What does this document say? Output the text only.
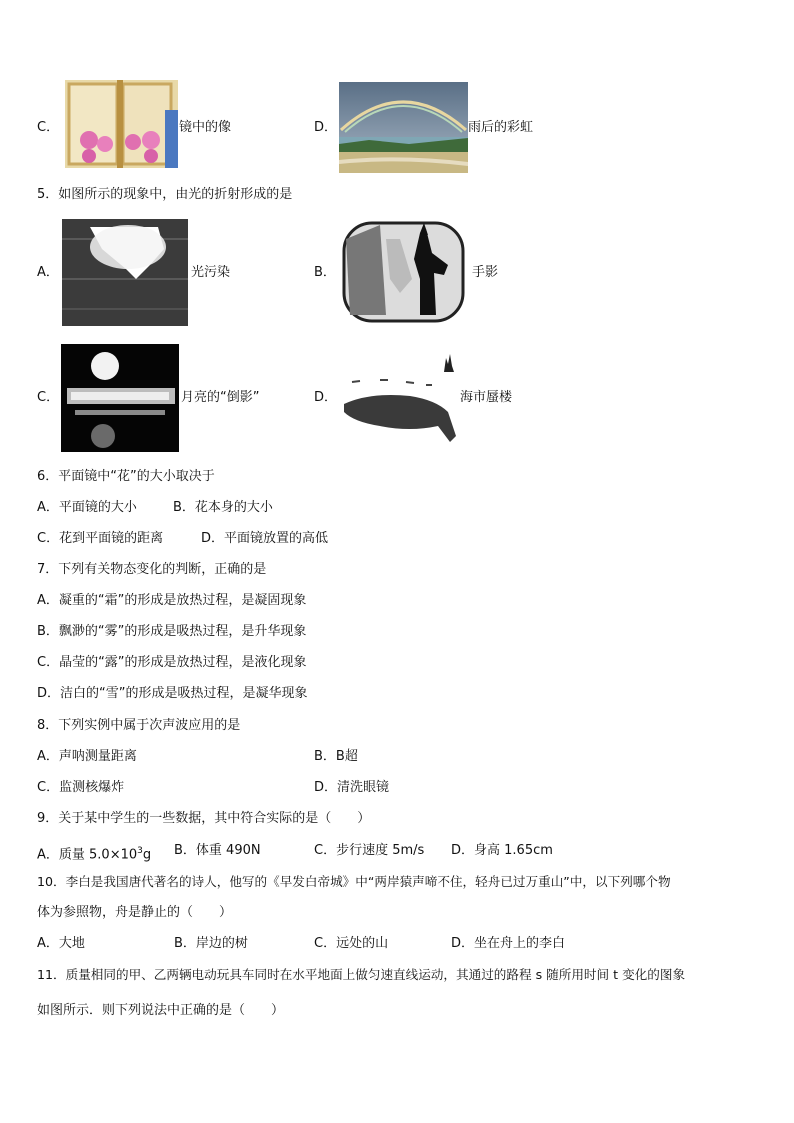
C．	镜中的像	D．	雨后的彩虹
5．如图所示的现象中，由光的折射形成的是
A．	光污染	B．	手影
C．	月亮的“倒影”	D．	海市蜃楼
6．平面镜中“花”的大小取决于
A．平面镜的大小	B．花本身的大小
C．花到平面镜的距离	D．平面镜放置的高低
7．下列有关物态变化的判断，正确的是
A．凝重的“霜”的形成是放热过程，是凝固现象
B．飘渺的“雾”的形成是吸热过程，是升华现象
C．晶莹的“露”的形成是放热过程，是液化现象
D．洁白的“雪”的形成是吸热过程，是凝华现象
8．下列实例中属于次声波应用的是
A．声呐测量距离	B．B超
C．监测核爆炸	D．清洗眼镜
9．关于某中学生的一些数据，其中符合实际的是（　　）
A．质量 $5.0\times 10^3g$ B．体重 490N	C．步行速度 5m/s D．身高 1.65cm
10．李白是我国唐代著名的诗人，他写的《早发白帝城》中“两岸猿声啼不住，轻舟已过万重山”中，以下列哪个物
体为参照物，舟是静止的（　　）
A．大地	B．岸边的树	C．远处的山	D．坐在舟上的李白
11．质量相同的甲、乙两辆电动玩具车同时在水平地面上做匀速直线运动，其通过的路程 s 随所用时间 t 变化的图象
如图所示．则下列说法中正确的是（　　）
